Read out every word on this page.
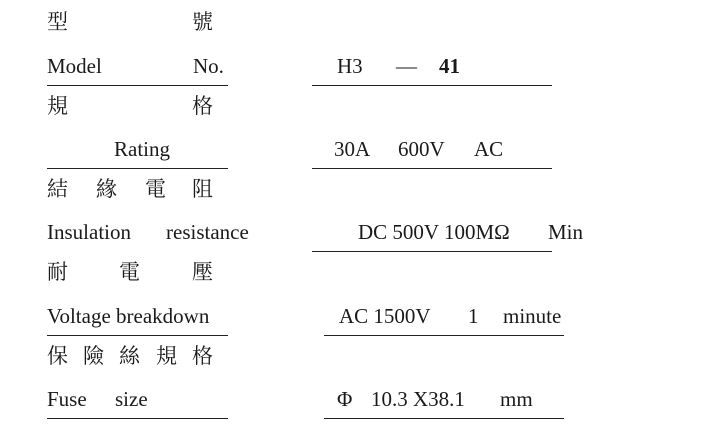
型	號
Model	No.	H3 — 41
規	格
Rating	30A 600V AC
結 緣 電 阻
Insulation resistance	DC 500V 100MΩ Min
耐 電 壓
Voltage breakdown	AC 1500V 1 minute
保 險 絲 規 格
Fuse size	Φ 10.3 X38.1 mm
